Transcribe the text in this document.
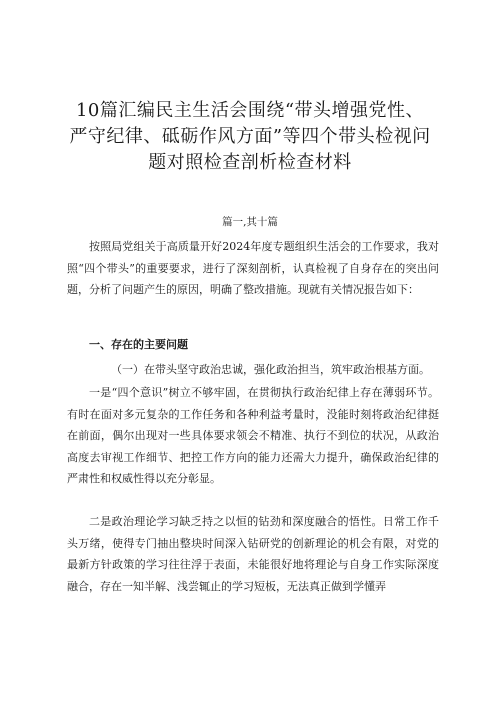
10篇汇编民主生活会围绕“带头增强党性、
严守纪律、砥砺作风方面”等四个带头检视问
题对照检查剖析检查材料
篇一,其十篇

按照局党组关于高质量开好2024年度专题组织生活会的工作要求，我对照“四个带头”的重要要求，进行了深刻剖析，认真检视了自身存在的突出问题，分析了问题产生的原因，明确了整改措施。现就有关情况报告如下：

一、存在的主要问题
（一）在带头坚守政治忠诚，强化政治担当，筑牢政治根基方面。

一是“四个意识”树立不够牢固，在贯彻执行政治纪律上存在薄弱环节。有时在面对多元复杂的工作任务和各种利益考量时，没能时刻将政治纪律挺在前面，偶尔出现对一些具体要求领会不精准、执行不到位的状况，从政治高度去审视工作细节、把控工作方向的能力还需大力提升，确保政治纪律的严肃性和权威性得以充分彰显。

二是政治理论学习缺乏持之以恒的钻劲和深度融合的悟性。日常工作千头万绪，使得专门抽出整块时间深入钻研党的创新理论的机会有限，对党的最新方针政策的学习往往浮于表面，未能很好地将理论与自身工作实际深度融合，存在一知半解、浅尝辄止的学习短板，无法真正做到学懂弄
